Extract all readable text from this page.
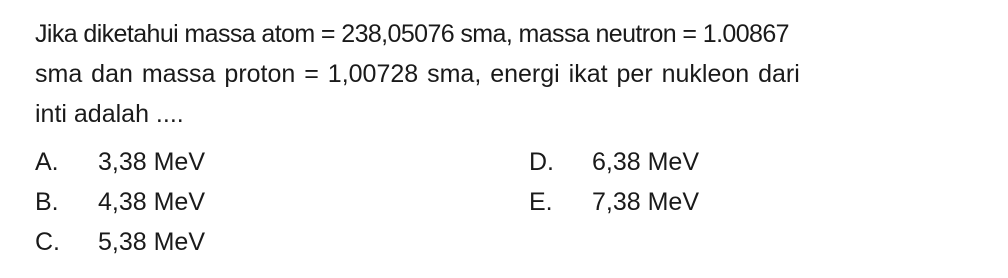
Jika diketahui massa atom = 238,05076 sma, massa neutron = 1.00867
sma dan massa proton = 1,00728 sma, energi ikat per nukleon dari
inti adalah ....
A. 3,38 MeV
B. 4,38 MeV
C. 5,38 MeV
D. 6,38 MeV
E. 7,38 MeV
